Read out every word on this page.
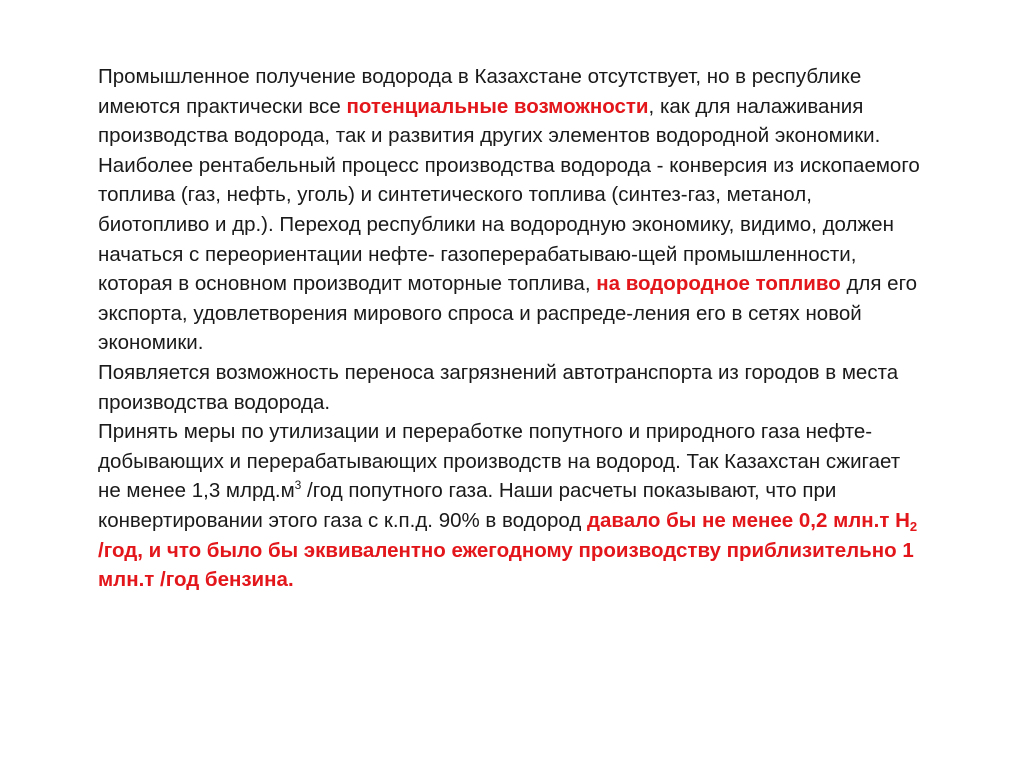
Промышленное получение водорода в Казахстане отсутствует, но в республике имеются практически все потенциальные возможности, как для налаживания производства водорода, так и развития других элементов водородной экономики. Наиболее рентабельный процесс производства водорода - конверсия из ископаемого топлива (газ, нефть, уголь) и синтетического топлива (синтез-газ, метанол, биотопливо и др.). Переход республики на водородную экономику, видимо, должен начаться с переориентации нефте- газоперерабатываю-щей промышленности, которая в основном производит моторные топлива, на водородное топливо для его экспорта, удовлетворения мирового спроса и распреде-ления его в сетях новой экономики.

Появляется возможность переноса загрязнений автотранспорта из городов в места производства водорода.

Принять меры по утилизации и переработке попутного и природного газа нефте- добывающих и перерабатывающих производств на водород. Так Казахстан сжигает не менее 1,3 $млрд.м^3$ /год попутного газа. Наши расчеты показывают, что при конвертировании этого газа с к.п.д. 90% в водород давало бы не менее 0,2 млн.т $Н_2$ /год, и что было бы эквивалентно ежегодному производству приблизительно 1 млн.т /год бензина.
